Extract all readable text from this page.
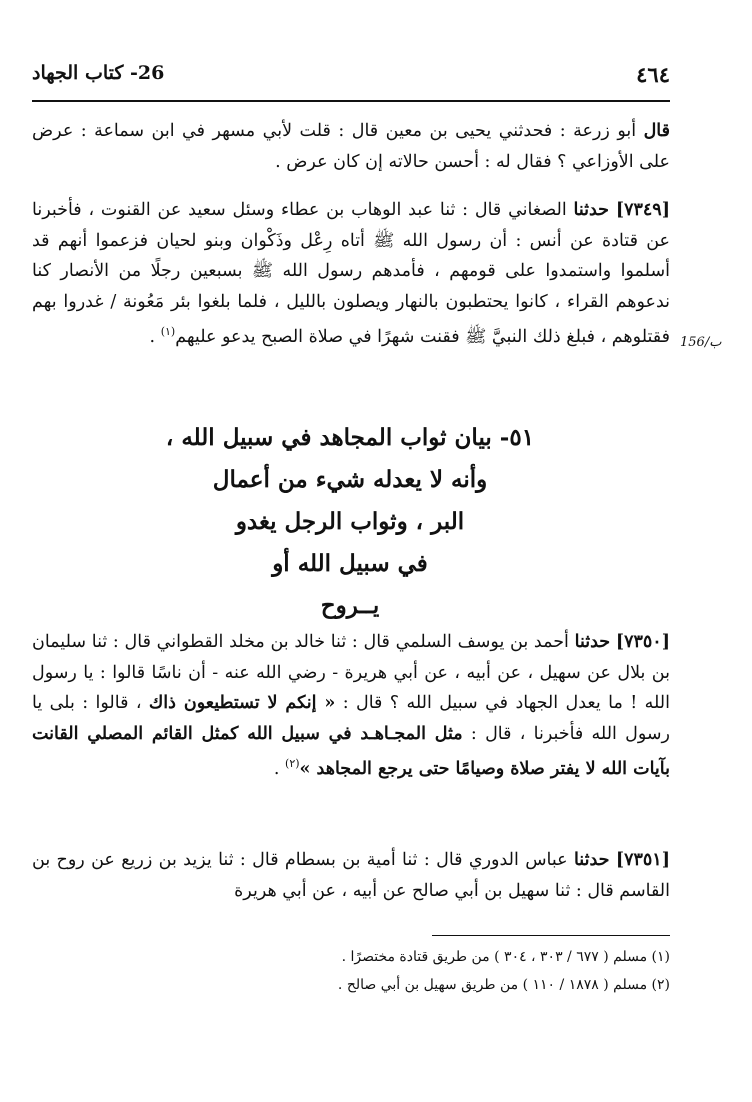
٤٦٤
26- كتاب الجهاد
قال أبو زرعة : فحدثني يحيى بن معين قال : قلت لأبي مسهر في ابن سماعة : عرض على الأوزاعي ؟ فقال له : أحسن حالاته إن كان عرض .
[٧٣٤٩] حدثنا الصغاني قال : ثنا عبد الوهاب بن عطاء وسئل سعيد عن القنوت ، فأخبرنا عن قتادة عن أنس : أن رسول الله ﷺ أتاه رِعْل وذَكْوان وبنو لحيان فزعموا أنهم قد أسلموا واستمدوا على قومهم ، فأمدهم رسول الله ﷺ بسبعين رجلًا من الأنصار كنا ندعوهم القراء ، كانوا يحتطبون بالنهار ويصلون بالليل ، فلما بلغوا بئر مَعُونة / غدروا بهم فقتلوهم ، فبلغ ذلك النبيَّ ﷺ فقنت شهرًا في صلاة الصبح يدعو عليهم$^{(١)}$ .	156/ب
٥١- بيان ثواب المجاهد في سبيل الله ،
وأنه لا يعدله شيء من أعمال
البر ، وثواب الرجل يغدو
في سبيل الله أو
يــروح
[٧٣٥٠] حدثنا أحمد بن يوسف السلمي قال : ثنا خالد بن مخلد القطواني قال : ثنا سليمان بن بلال عن سهيل ، عن أبيه ، عن أبي هريرة - رضي الله عنه - أن ناسًا قالوا : يا رسول الله ! ما يعدل الجهاد في سبيل الله ؟ قال : « إنكم لا تستطيعون ذاك ، قالوا : بلى يا رسول الله فأخبرنا ، قال : مثل المجـاهـد في سبيل الله كمثل القائم المصلي القانت بآيات الله لا يفتر صلاة وصيامًا حتى يرجع المجاهد »$^{(٢)}$ .
[٧٣٥١] حدثنا عباس الدوري قال : ثنا أمية بن بسطام قال : ثنا يزيد بن زريع عن روح بن القاسم قال : ثنا سهيل بن أبي صالح عن أبيه ، عن أبي هريرة
(١) مسلم ( ٦٧٧ / ٣٠٣ ، ٣٠٤ ) من طريق قتادة مختصرًا .
(٢) مسلم ( ١٨٧٨ / ١١٠ ) من طريق سهيل بن أبي صالح .
